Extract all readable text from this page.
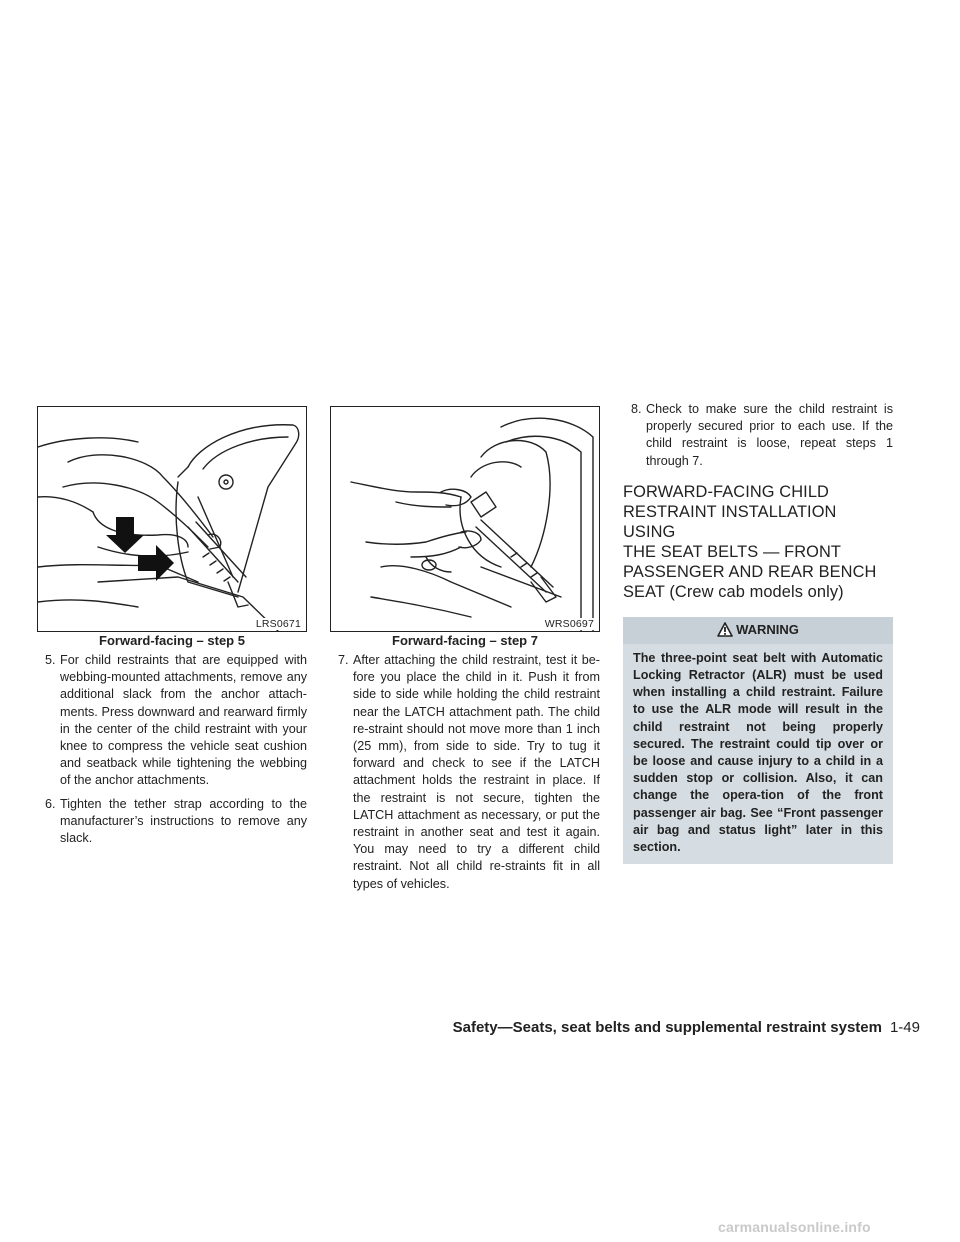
LRS0671
Forward-facing – step 5
5. For child restraints that are equipped with webbing-mounted attachments, remove any additional slack from the anchor attach-ments. Press downward and rearward firmly in the center of the child restraint with your knee to compress the vehicle seat cushion and seatback while tightening the webbing of the anchor attachments.
6. Tighten the tether strap according to the manufacturer’s instructions to remove any slack.
WRS0697
Forward-facing – step 7
7. After attaching the child restraint, test it be-fore you place the child in it. Push it from side to side while holding the child restraint near the LATCH attachment path. The child re-straint should not move more than 1 inch (25 mm), from side to side. Try to tug it forward and check to see if the LATCH attachment holds the restraint in place. If the restraint is not secure, tighten the LATCH attachment as necessary, or put the restraint in another seat and test it again. You may need to try a different child restraint. Not all child re-straints fit in all types of vehicles.
8. Check to make sure the child restraint is properly secured prior to each use. If the child restraint is loose, repeat steps 1 through 7.
FORWARD-FACING CHILD
RESTRAINT INSTALLATION USING
THE SEAT BELTS — FRONT
PASSENGER AND REAR BENCH
SEAT (Crew cab models only)
WARNING
The three-point seat belt with Automatic Locking Retractor (ALR) must be used when installing a child restraint. Failure to use the ALR mode will result in the child restraint not being properly secured. The restraint could tip over or be loose and cause injury to a child in a sudden stop or collision. Also, it can change the opera-tion of the front passenger air bag. See “Front passenger air bag and status light” later in this section.
Safety—Seats, seat belts and supplemental restraint system 1-49
carmanualsonline.info
